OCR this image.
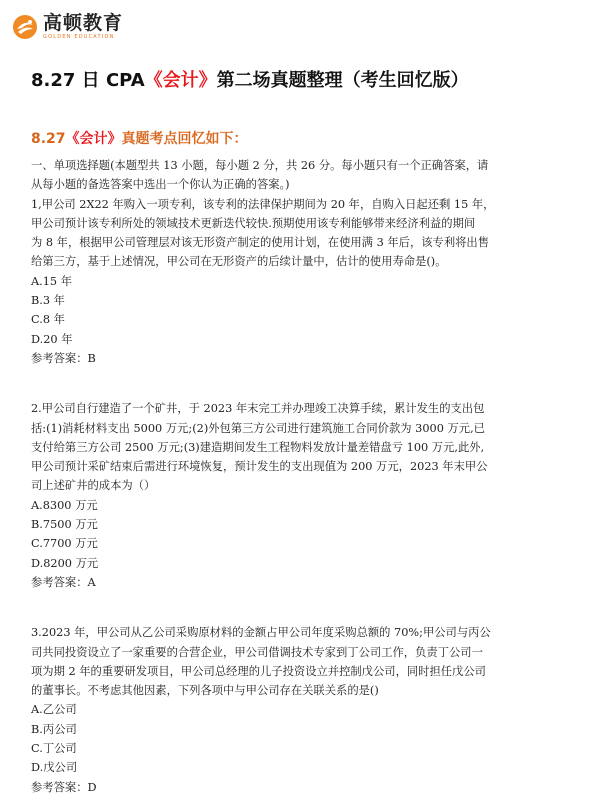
高顿教育
GOLDEN EDUCATION
8.27 日 CPA《会计》第二场真题整理（考生回忆版）
8.27《会计》真题考点回忆如下：

一、单项选择题(本题型共 13 小题，每小题 2 分，共 26 分。每小题只有一个正确答案，请

从每小题的备选答案中选出一个你认为正确的答案。)

1,甲公司 2X22 年购入一项专利，该专利的法律保护期间为 20 年，自购入日起还剩 15 年，

甲公司预计该专利所处的领域技术更新迭代较快.预期使用该专利能够带来经济利益的期间

为 8 年，根据甲公司管理层对该无形资产制定的使用计划，在使用满 3 年后，该专利将出售

给第三方，基于上述情况，甲公司在无形资产的后续计量中，估计的使用寿命是()。

A.15 年

B.3 年

C.8 年

D.20 年

参考答案：B

2.甲公司自行建造了一个矿井，于 2023 年末完工并办理竣工决算手续，累计发生的支出包

括:(1)消耗材料支出 5000 万元;(2)外包第三方公司进行建筑施工合同价款为 3000 万元,已

支付给第三方公司 2500 万元;(3)建造期间发生工程物料发放计量差错盘亏 100 万元,此外,

甲公司预计采矿结束后需进行环境恢复，预计发生的支出现值为 200 万元，2023 年末甲公

司上述矿井的成本为（）

A.8300 万元

B.7500 万元

C.7700 万元

D.8200 万元

参考答案：A

3.2023 年，甲公司从乙公司采购原材料的金额占甲公司年度采购总额的 70%;甲公司与丙公

司共同投资设立了一家重要的合营企业，甲公司借调技术专家到丁公司工作，负责丁公司一

项为期 2 年的重要研发项目，甲公司总经理的儿子投资设立并控制戊公司，同时担任戊公司

的董事长。不考虑其他因素，下列各项中与甲公司存在关联关系的是()

A.乙公司

B.丙公司

C.丁公司

D.戊公司

参考答案：D
